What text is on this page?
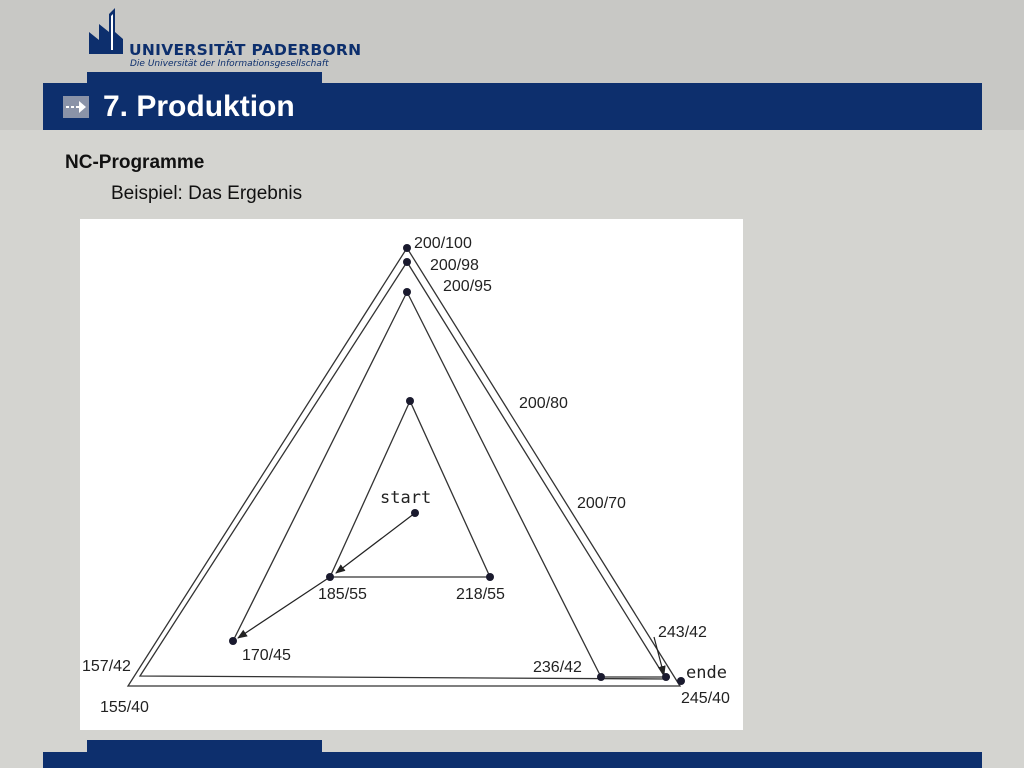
UNIVERSITÄT PADERBORN
Die Universität der Informationsgesellschaft
7. Produktion
NC-Programme
Beispiel: Das Ergebnis
200/100
200/98
200/95
200/80
200/70
start
185/55	218/55
170/45
157/42
155/40
236/42
243/42
ende
245/40
